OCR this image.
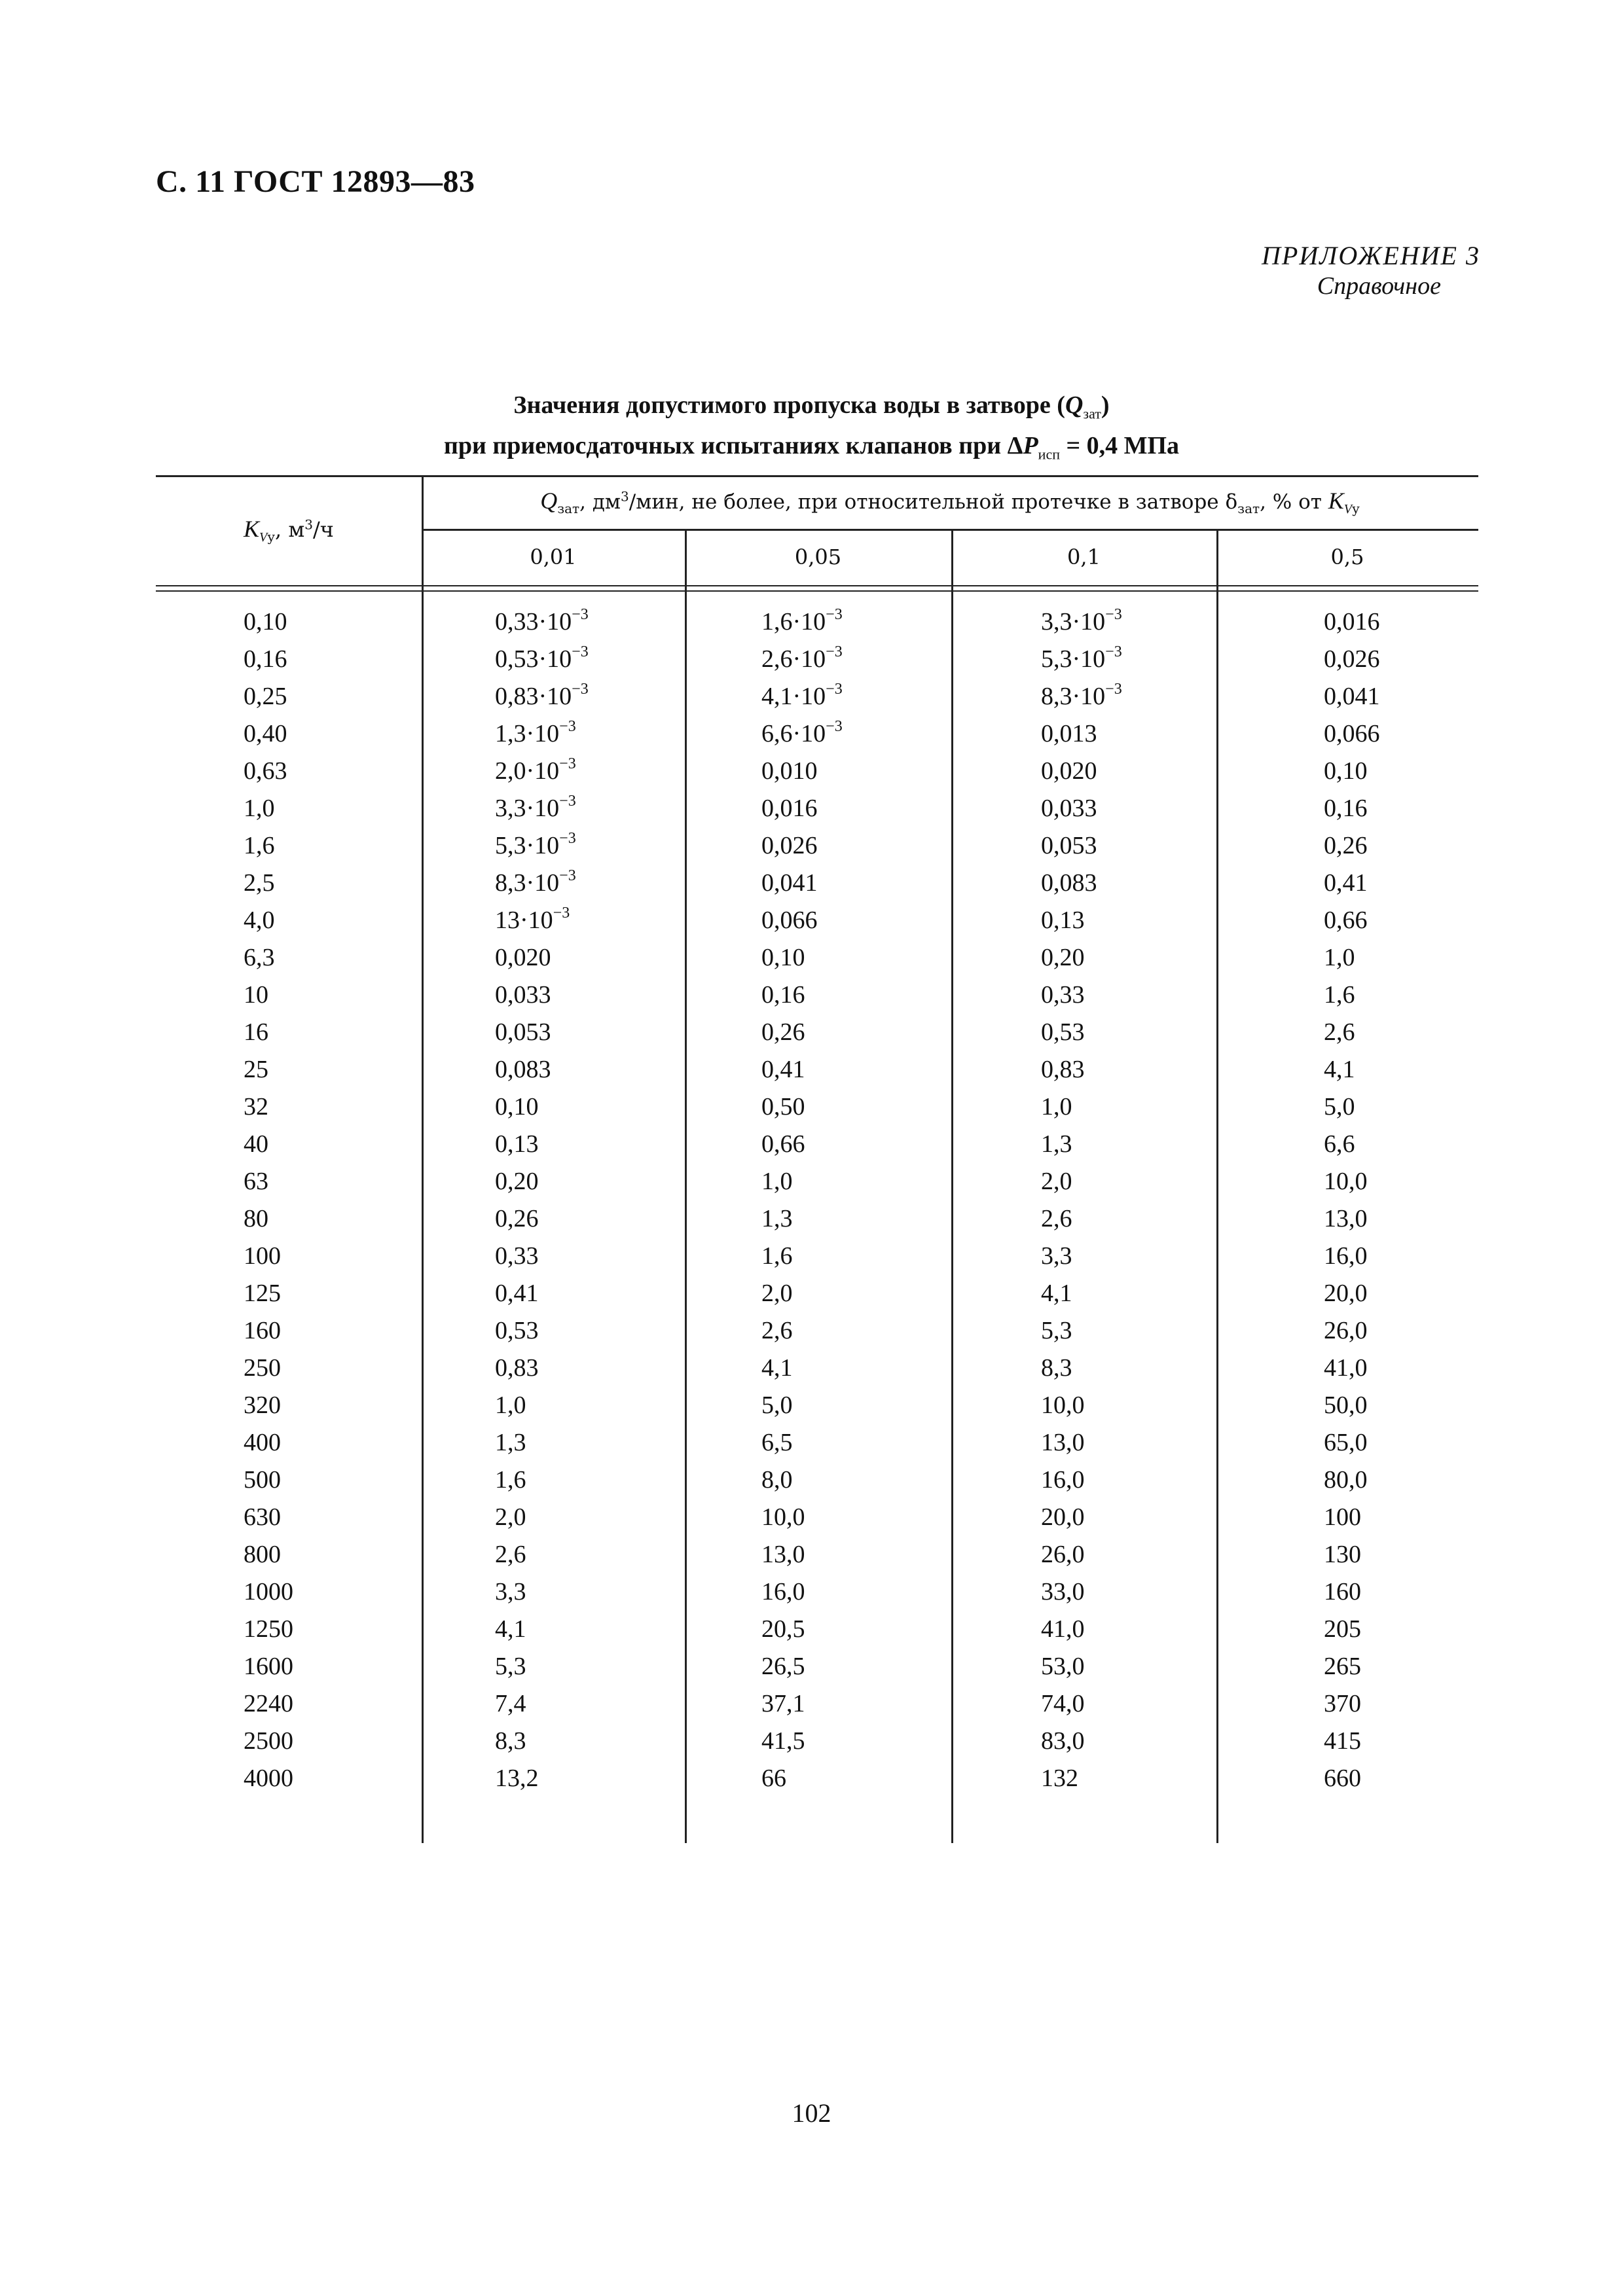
С. 11 ГОСТ 12893—83
ПРИЛОЖЕНИЕ 3
Справочное
Значения допустимого пропуска воды в затворе $(Q_{зат})$
при приемосдаточных испытаниях клапанов при $\Delta P_{исп} = 0,4$ МПа
$K_{Vу}$, $м^3/ч$
$Q_{зат}$, $дм^3$/мин, не более, при относительной протечке в затворе $\delta_{зат}$, % от $K_{Vу}$
0,01	0,05	0,1	0,5
0,10	$0,33\cdot 10^{-3}$	$1,6\cdot 10^{-3}$	$3,3\cdot 10^{-3}$	0,016
0,16	$0,53\cdot 10^{-3}$	$2,6\cdot 10^{-3}$	$5,3\cdot 10^{-3}$	0,026
0,25	$0,83\cdot 10^{-3}$	$4,1\cdot 10^{-3}$	$8,3\cdot 10^{-3}$	0,041
0,40	$1,3\cdot 10^{-3}$	$6,6\cdot 10^{-3}$	0,013	0,066
0,63	$2,0\cdot 10^{-3}$	0,010	0,020	0,10
1,0	$3,3\cdot 10^{-3}$	0,016	0,033	0,16
1,6	$5,3\cdot 10^{-3}$	0,026	0,053	0,26
2,5	$8,3\cdot 10^{-3}$	0,041	0,083	0,41
4,0	$13\cdot 10^{-3}$	0,066	0,13	0,66
6,3	0,020	0,10	0,20	1,0
10	0,033	0,16	0,33	1,6
16	0,053	0,26	0,53	2,6
25	0,083	0,41	0,83	4,1
32	0,10	0,50	1,0	5,0
40	0,13	0,66	1,3	6,6
63	0,20	1,0	2,0	10,0
80	0,26	1,3	2,6	13,0
100	0,33	1,6	3,3	16,0
125	0,41	2,0	4,1	20,0
160	0,53	2,6	5,3	26,0
250	0,83	4,1	8,3	41,0
320	1,0	5,0	10,0	50,0
400	1,3	6,5	13,0	65,0
500	1,6	8,0	16,0	80,0
630	2,0	10,0	20,0	100
800	2,6	13,0	26,0	130
1000	3,3	16,0	33,0	160
1250	4,1	20,5	41,0	205
1600	5,3	26,5	53,0	265
2240	7,4	37,1	74,0	370
2500	8,3	41,5	83,0	415
4000	13,2	66	132	660
102
